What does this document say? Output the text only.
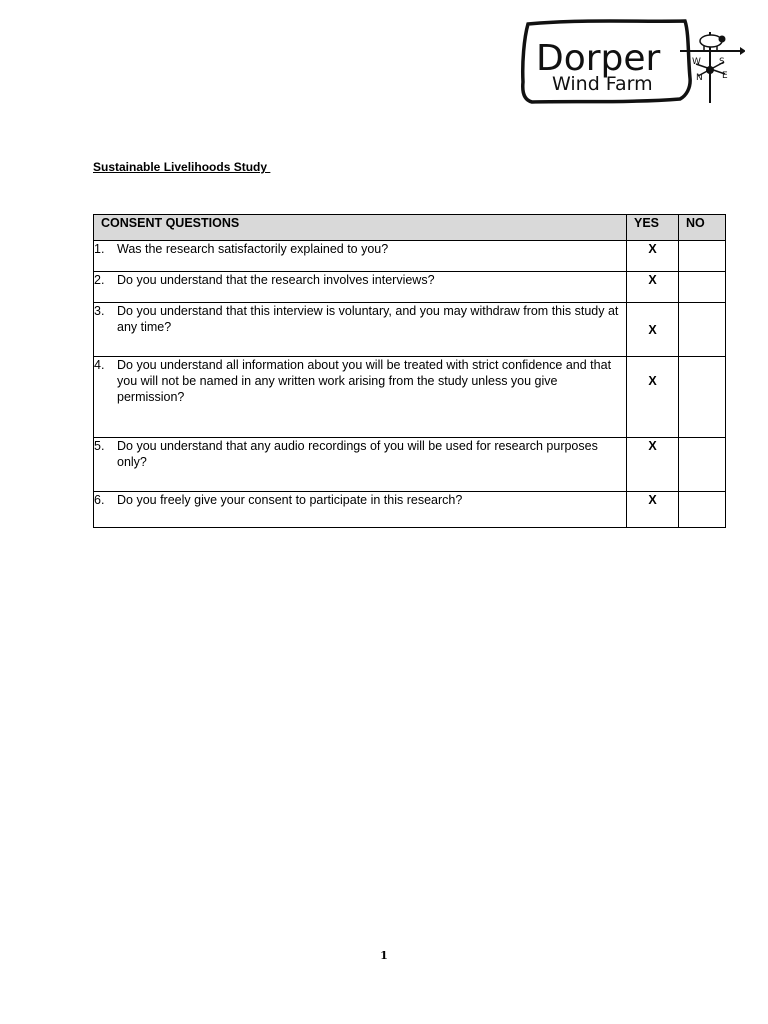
Dorper
Wind Farm
W
N
S
E
Sustainable Livelihoods Study
CONSENT QUESTIONS	YES	NO

1. Was the research satisfactorily explained to you?	X	

2. Do you understand that the research involves interviews?	X	

3. Do you understand that this interview is voluntary, and you may withdraw from this study at any time?	X	

4. Do you understand all information about you will be treated with strict confidence and that you will not be named in any written work arising from the study unless you give permission?	X	

5. Do you understand that any audio recordings of you will be used for research purposes only?	X	

6. Do you freely give your consent to participate in this research?	X	
1
